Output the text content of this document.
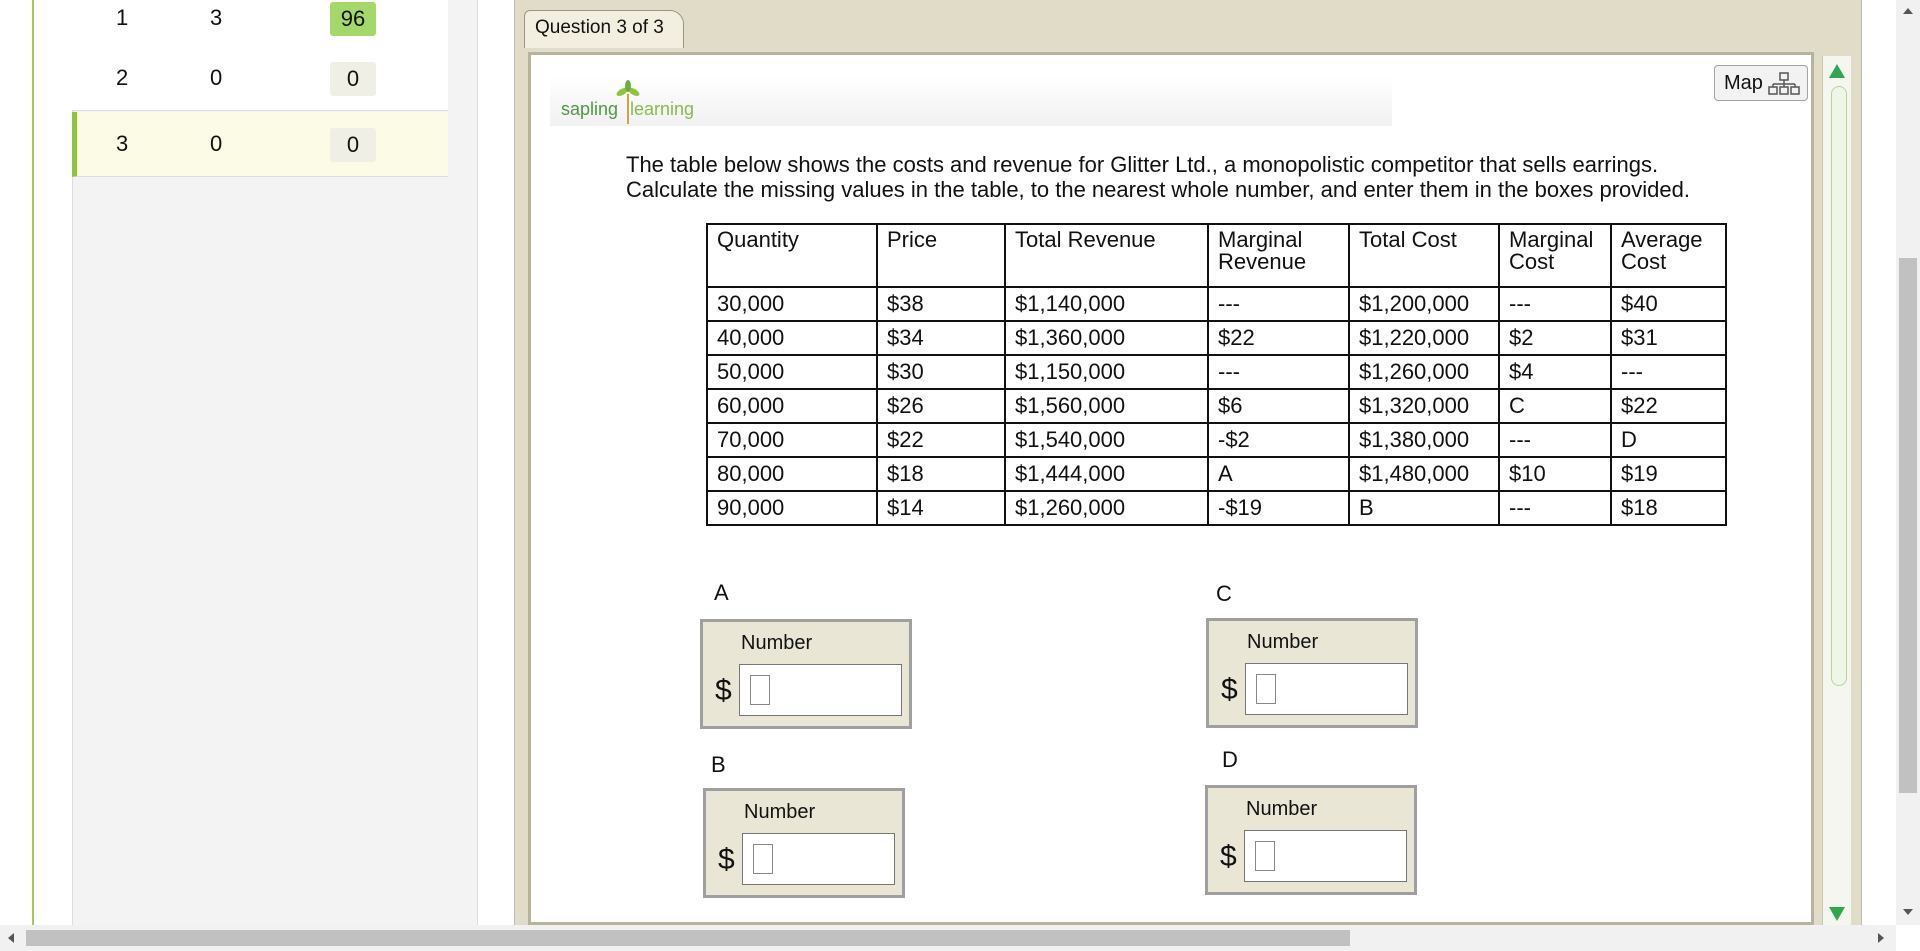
1	3	96
2	0	0
3	0	0
Question 3 of 3
sapling learning
Map
The table below shows the costs and revenue for Glitter Ltd., a monopolistic competitor that sells earrings.
Calculate the missing values in the table, to the nearest whole number, and enter them in the boxes provided.
Quantity	Price	Total Revenue	Marginal Revenue	Total Cost	Marginal Cost	Average Cost
30,000	$38	$1,140,000	---	$1,200,000	---	$40
40,000	$34	$1,360,000	$22	$1,220,000	$2	$31
50,000	$30	$1,150,000	---	$1,260,000	$4	---
60,000	$26	$1,560,000	$6	$1,320,000	C	$22
70,000	$22	$1,540,000	-$2	$1,380,000	---	D
80,000	$18	$1,444,000	A	$1,480,000	$10	$19
90,000	$14	$1,260,000	-$19	B	---	$18
A
Number
$
B
Number
$
C
Number
$
D
Number
$
